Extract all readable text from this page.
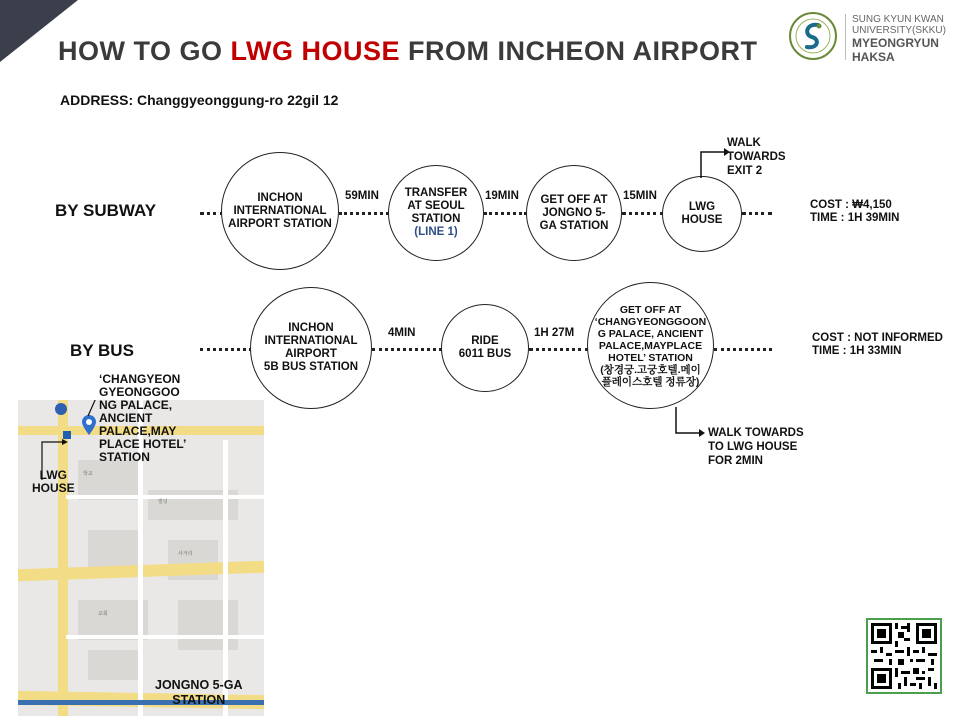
HOW TO GO LWG HOUSE FROM INCHEON AIRPORT
ADDRESS: Changgyeonggung-ro 22gil 12
SUNG KYUN KWAN
UNIVERSITY(SKKU)
MYEONGRYUN
HAKSA
BY SUBWAY
INCHON
INTERNATIONAL
AIRPORT STATION
59MIN TRANSFER
AT SEOUL
STATION
(LINE 1)
19MIN GET OFF AT
JONGNO 5-
GA STATION
15MIN
LWG
HOUSE
WALK
TOWARDS
EXIT 2
COST : ₩4,150
TIME : 1H 39MIN
BY BUS
INCHON
INTERNATIONAL
AIRPORT
5B BUS STATION
4MIN
RIDE
6011 BUS
1H 27M
GET OFF AT
‘CHANGYEONGGOON
G PALACE, ANCIENT
PALACE,MAYPLACE
HOTEL’ STATION
(창경궁.고궁호텔.메이
플레이스호텔 정류장)
WALK TOWARDS
TO LWG HOUSE
FOR 2MIN
COST : NOT INFORMED
TIME : 1H 33MIN
학교
빌딩
사거리
교회
‘CHANGYEON
GYEONGGOO
NG PALACE,
ANCIENT
PALACE,MAY
PLACE HOTEL’
STATION
LWG
HOUSE
JONGNO 5-GA
STATION
